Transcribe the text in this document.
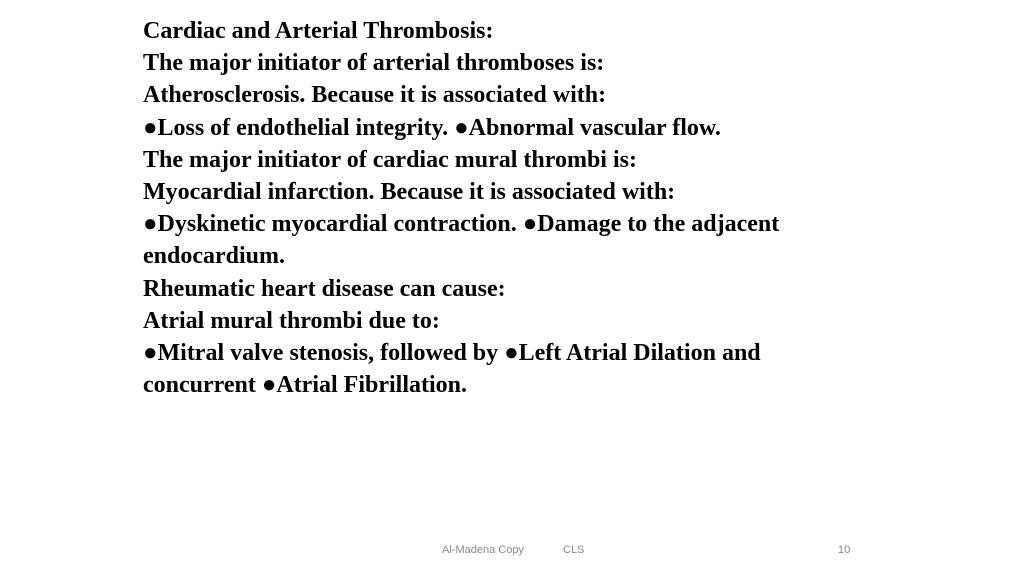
Cardiac and Arterial Thrombosis:
The major initiator of arterial thromboses is:
Atherosclerosis. Because it is associated with:
●Loss of endothelial integrity. ●Abnormal vascular flow.
The major initiator of cardiac mural thrombi is:
Myocardial infarction. Because it is associated with:
●Dyskinetic myocardial contraction. ●Damage to the adjacent
endocardium.
Rheumatic heart disease can cause:
Atrial mural thrombi due to:
●Mitral valve stenosis, followed by ●Left Atrial Dilation and
concurrent ●Atrial Fibrillation.
Al-Madena Copy	CLS	10
